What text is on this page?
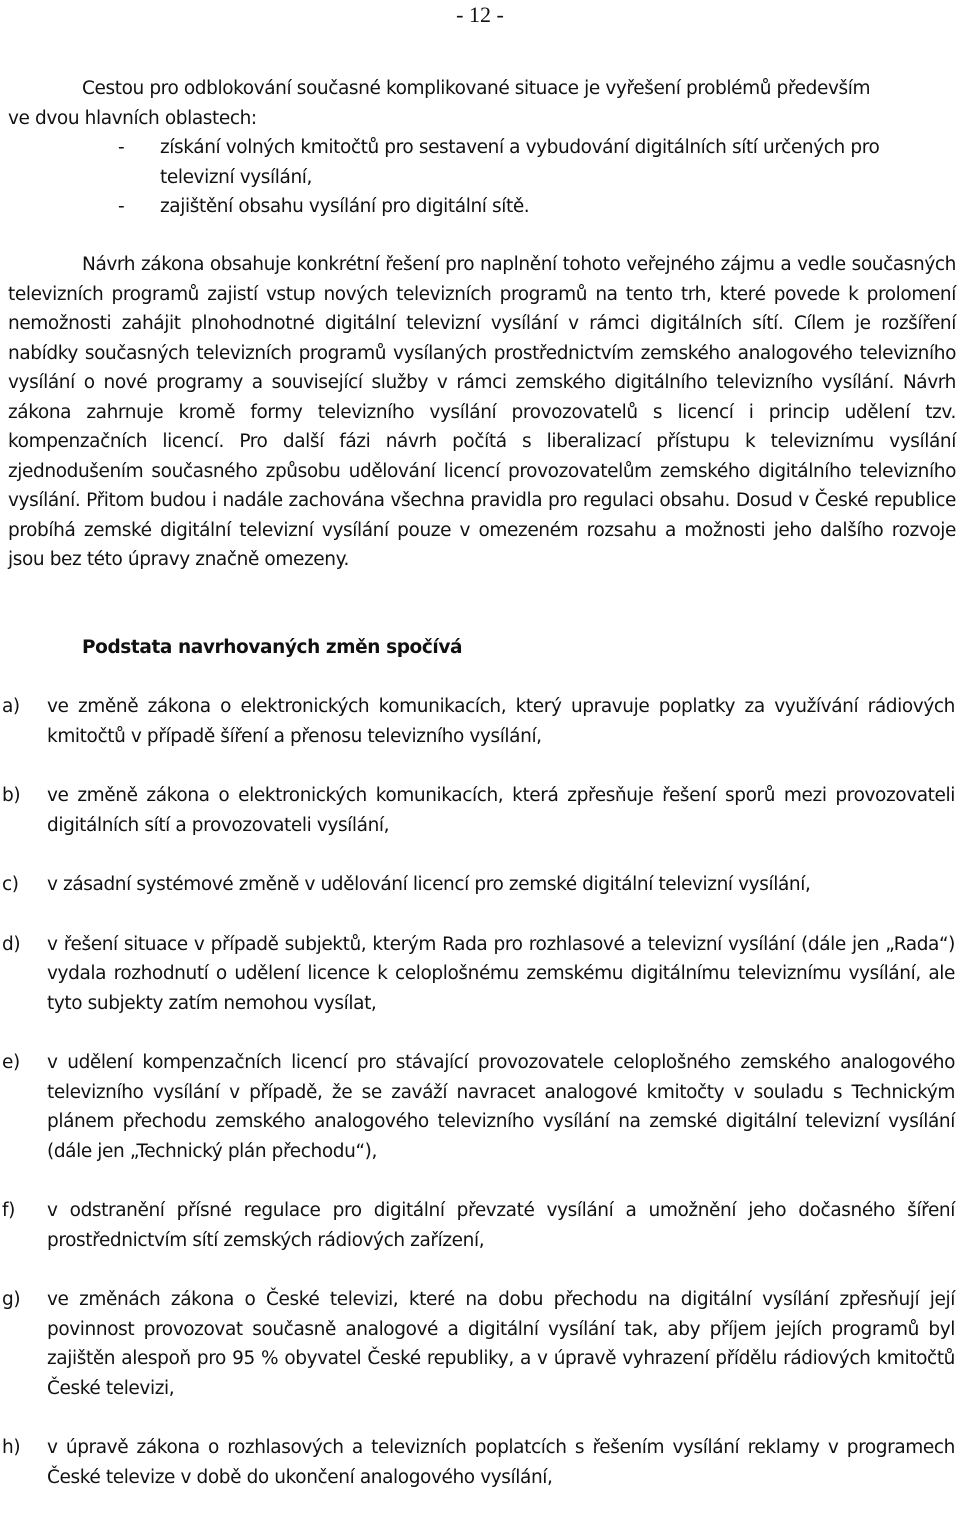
- 12 -
Cestou pro odblokování současné komplikované situace je vyřešení problémů především
ve dvou hlavních oblastech:
- získání volných kmitočtů pro sestavení a vybudování digitálních sítí určených pro televizní vysílání,
- zajištění obsahu vysílání pro digitální sítě.
Návrh zákona obsahuje konkrétní řešení pro naplnění tohoto veřejného zájmu a vedle současných televizních programů zajistí vstup nových televizních programů na tento trh, které povede k prolomení nemožnosti zahájit plnohodnotné digitální televizní vysílání v rámci digitálních sítí. Cílem je rozšíření nabídky současných televizních programů vysílaných prostřednictvím zemského analogového televizního vysílání o nové programy a související služby v rámci zemského digitálního televizního vysílání. Návrh zákona zahrnuje kromě formy televizního vysílání provozovatelů s licencí i princip udělení tzv. kompenzačních licencí. Pro další fázi návrh počítá s liberalizací přístupu k televiznímu vysílání zjednodušením současného způsobu udělování licencí provozovatelům zemského digitálního televizního vysílání. Přitom budou i nadále zachována všechna pravidla pro regulaci obsahu. Dosud v České republice probíhá zemské digitální televizní vysílání pouze v omezeném rozsahu a možnosti jeho dalšího rozvoje jsou bez této úpravy značně omezeny.
Podstata navrhovaných změn spočívá
a) ve změně zákona o elektronických komunikacích, který upravuje poplatky za využívání rádiových kmitočtů v případě šíření a přenosu televizního vysílání,
b) ve změně zákona o elektronických komunikacích, která zpřesňuje řešení sporů mezi provozovateli digitálních sítí a provozovateli vysílání,
c) v zásadní systémové změně v udělování licencí pro zemské digitální televizní vysílání,
d) v řešení situace v případě subjektů, kterým Rada pro rozhlasové a televizní vysílání (dále jen „Rada“) vydala rozhodnutí o udělení licence k celoplošnému zemskému digitálnímu televiznímu vysílání, ale tyto subjekty zatím nemohou vysílat,
e) v udělení kompenzačních licencí pro stávající provozovatele celoplošného zemského analogového televizního vysílání v případě, že se zaváží navracet analogové kmitočty v souladu s Technickým plánem přechodu zemského analogového televizního vysílání na zemské digitální televizní vysílání (dále jen „Technický plán přechodu“),
f) v odstranění přísné regulace pro digitální převzaté vysílání a umožnění jeho dočasného šíření prostřednictvím sítí zemských rádiových zařízení,
g) ve změnách zákona o České televizi, které na dobu přechodu na digitální vysílání zpřesňují její povinnost provozovat současně analogové a digitální vysílání tak, aby příjem jejích programů byl zajištěn alespoň pro 95 % obyvatel České republiky, a v úpravě vyhrazení přídělu rádiových kmitočtů České televizi,
h) v úpravě zákona o rozhlasových a televizních poplatcích s řešením vysílání reklamy v programech České televize v době do ukončení analogového vysílání,
